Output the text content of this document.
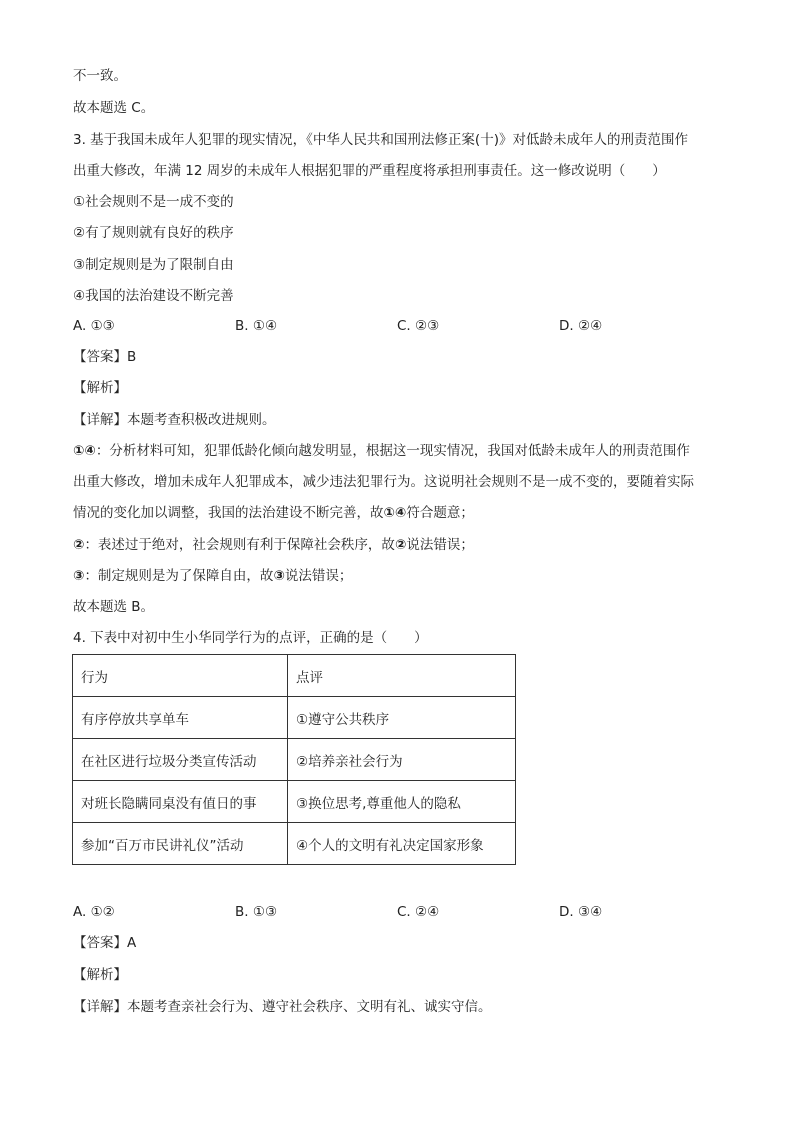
不一致。
故本题选 C。
3. 基于我国未成年人犯罪的现实情况，《中华人民共和国刑法修正案(十)》对低龄未成年人的刑责范围作
出重大修改，年满 12 周岁的未成年人根据犯罪的严重程度将承担刑事责任。这一修改说明（　　）
①社会规则不是一成不变的
②有了规则就有良好的秩序
③制定规则是为了限制自由
④我国的法治建设不断完善
A. ①③	B. ①④	C. ②③	D. ②④
【答案】B
【解析】
【详解】本题考查积极改进规则。
①④：分析材料可知，犯罪低龄化倾向越发明显，根据这一现实情况，我国对低龄未成年人的刑责范围作
出重大修改，增加未成年人犯罪成本，减少违法犯罪行为。这说明社会规则不是一成不变的，要随着实际
情况的变化加以调整，我国的法治建设不断完善，故①④符合题意；
②：表述过于绝对，社会规则有利于保障社会秩序，故②说法错误；
③：制定规则是为了保障自由，故③说法错误；
故本题选 B。
4. 下表中对初中生小华同学行为的点评，正确的是（　　）
行为	点评
有序停放共享单车	①遵守公共秩序
在社区进行垃圾分类宣传活动	②培养亲社会行为
对班长隐瞒同桌没有值日的事	③换位思考,尊重他人的隐私
参加“百万市民讲礼仪”活动	④个人的文明有礼决定国家形象
A. ①②	B. ①③	C. ②④	D. ③④
【答案】A
【解析】
【详解】本题考查亲社会行为、遵守社会秩序、文明有礼、诚实守信。
